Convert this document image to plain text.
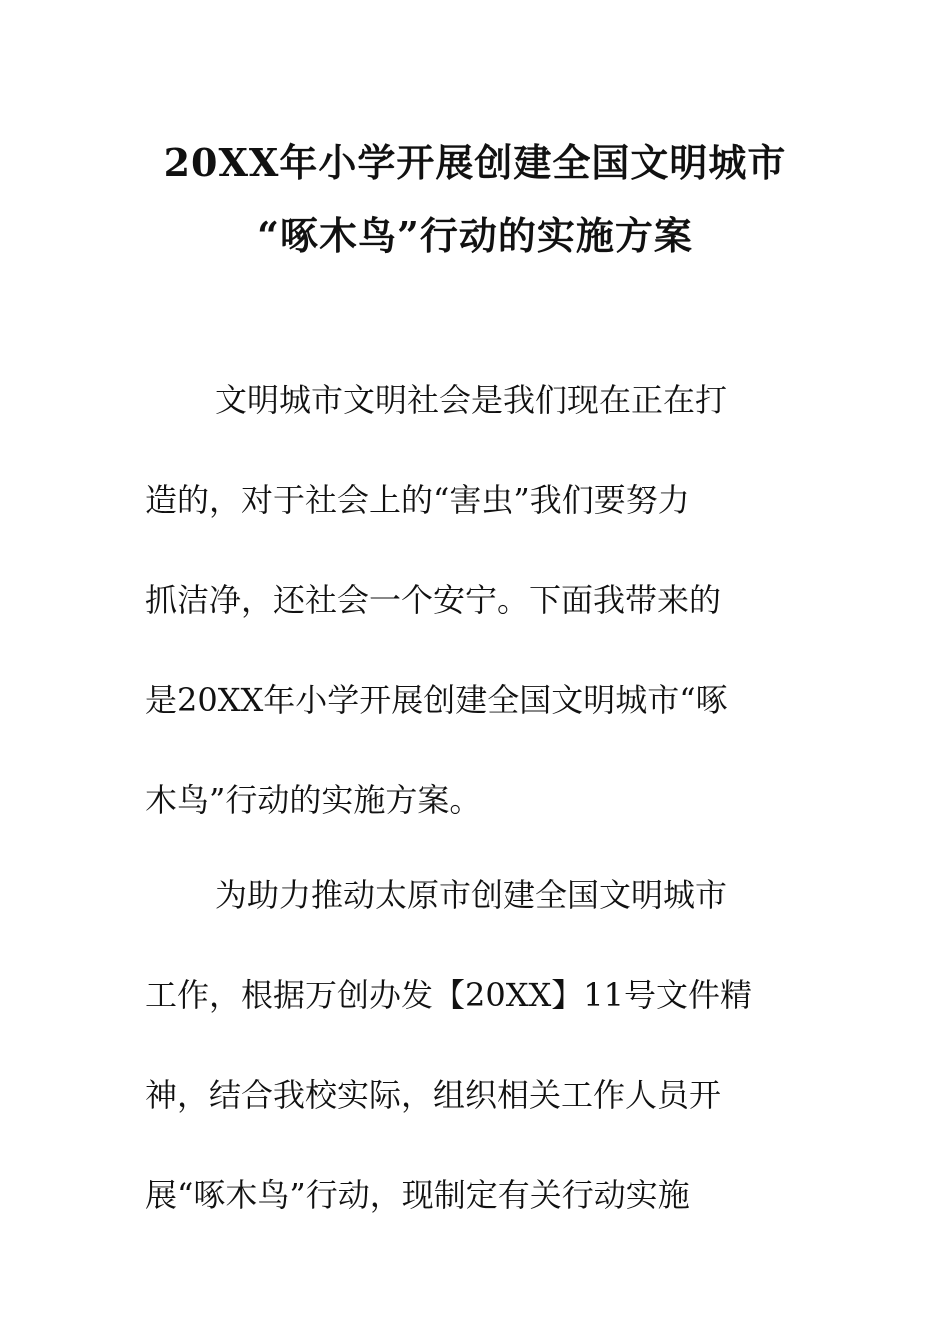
20XX年小学开展创建全国文明城市
“啄木鸟”行动的实施方案
文明城市文明社会是我们现在正在打
造的，对于社会上的“害虫”我们要努力
抓洁净，还社会一个安宁。下面我带来的
是20XX年小学开展创建全国文明城市“啄
木鸟”行动的实施方案。
为助力推动太原市创建全国文明城市
工作，根据万创办发【20XX】11号文件精
神，结合我校实际，组织相关工作人员开
展“啄木鸟”行动，现制定有关行动实施
